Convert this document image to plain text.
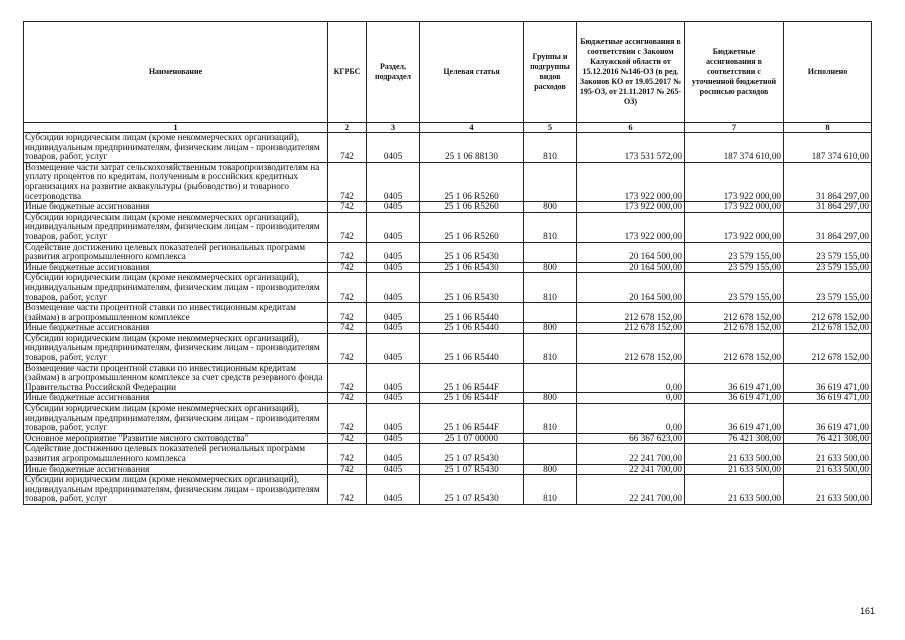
Наименование	КГРБС	Раздел, подраздел	Целевая статья	Группы и подгруппы видов расходов	Бюджетные ассигнования в соответствии с Законом Калужской области от 15.12.2016 №146-ОЗ (в ред. Законов КО от 19.05.2017 № 195-ОЗ, от 21.11.2017 № 265-ОЗ)	Бюджетные ассигнования в соответствии с уточненной бюджетной росписью расходов	Исполнено
1	2	3	4	5	6	7	8
Субсидии юридическим лицам (кроме некоммерческих организаций), индивидуальным предпринимателям, физическим лицам - производителям товаров, работ, услуг	742	0405	25 1 06 88130	810	173 531 572,00	187 374 610,00	187 374 610,00
Возмещение части затрат сельскохозяйственным товаропроизводителям на уплату процентов по кредитам, полученным в российских кредитных организациях на развитие аквакультуры (рыбоводство) и товарного осетроводства	742	0405	25 1 06 R5260		173 922 000,00	173 922 000,00	31 864 297,00
Иные бюджетные ассигнования	742	0405	25 1 06 R5260	800	173 922 000,00	173 922 000,00	31 864 297,00
Субсидии юридическим лицам (кроме некоммерческих организаций), индивидуальным предпринимателям, физическим лицам - производителям товаров, работ, услуг	742	0405	25 1 06 R5260	810	173 922 000,00	173 922 000,00	31 864 297,00
Содействие достижению целевых показателей региональных программ развития агропромышленного комплекса	742	0405	25 1 06 R5430		20 164 500,00	23 579 155,00	23 579 155,00
Иные бюджетные ассигнования	742	0405	25 1 06 R5430	800	20 164 500,00	23 579 155,00	23 579 155,00
Субсидии юридическим лицам (кроме некоммерческих организаций), индивидуальным предпринимателям, физическим лицам - производителям товаров, работ, услуг	742	0405	25 1 06 R5430	810	20 164 500,00	23 579 155,00	23 579 155,00
Возмещение части процентной ставки по инвестиционным кредитам (займам) в агропромышленном комплексе	742	0405	25 1 06 R5440		212 678 152,00	212 678 152,00	212 678 152,00
Иные бюджетные ассигнования	742	0405	25 1 06 R5440	800	212 678 152,00	212 678 152,00	212 678 152,00
Субсидии юридическим лицам (кроме некоммерческих организаций), индивидуальным предпринимателям, физическим лицам - производителям товаров, работ, услуг	742	0405	25 1 06 R5440	810	212 678 152,00	212 678 152,00	212 678 152,00
Возмещение части процентной ставки по инвестиционным кредитам (займам) в агропромышленном комплексе за счет средств резервного фонда Правительства Российской Федерации	742	0405	25 1 06 R544F		0,00	36 619 471,00	36 619 471,00
Иные бюджетные ассигнования	742	0405	25 1 06 R544F	800	0,00	36 619 471,00	36 619 471,00
Субсидии юридическим лицам (кроме некоммерческих организаций), индивидуальным предпринимателям, физическим лицам - производителям товаров, работ, услуг	742	0405	25 1 06 R544F	810	0,00	36 619 471,00	36 619 471,00
Основное мероприятие "Развитие мясного скотоводства"	742	0405	25 1 07 00000		66 367 623,00	76 421 308,00	76 421 308,00
Содействие достижению целевых показателей региональных программ развития агропромышленного комплекса	742	0405	25 1 07 R5430		22 241 700,00	21 633 500,00	21 633 500,00
Иные бюджетные ассигнования	742	0405	25 1 07 R5430	800	22 241 700,00	21 633 500,00	21 633 500,00
Субсидии юридическим лицам (кроме некоммерческих организаций), индивидуальным предпринимателям, физическим лицам - производителям товаров, работ, услуг	742	0405	25 1 07 R5430	810	22 241 700,00	21 633 500,00	21 633 500,00
161
